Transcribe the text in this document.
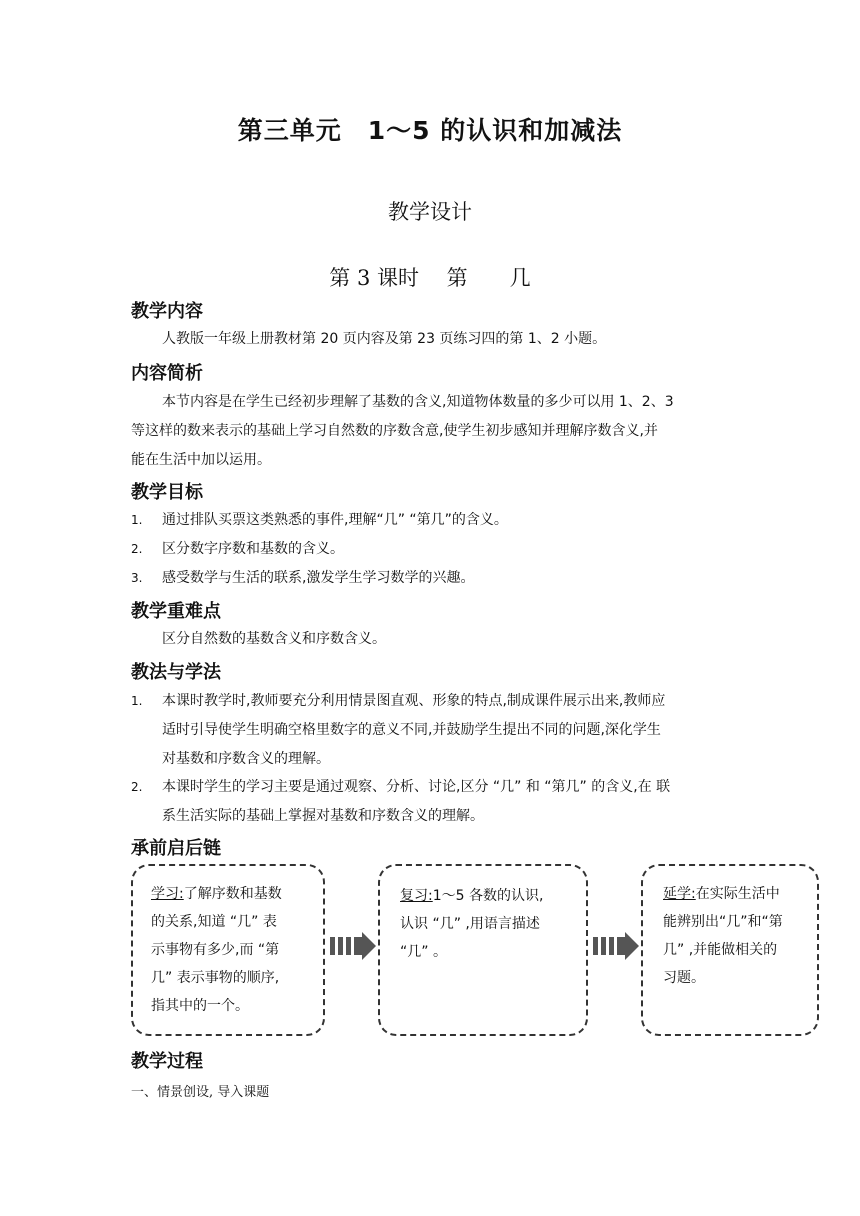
第三单元　1～5 的认识和加减法
教学设计
第 3 课时　 第　　几
教学内容
人教版一年级上册教材第 20 页内容及第 23 页练习四的第 1、2 小题。
内容简析
本节内容是在学生已经初步理解了基数的含义,知道物体数量的多少可以用 1、2、3
等这样的数来表示的基础上学习自然数的序数含意,使学生初步感知并理解序数含义,并
能在生活中加以运用。
教学目标
1.	通过排队买票这类熟悉的事件,理解“几” “第几”的含义。
2.	区分数字序数和基数的含义。
3.	感受数学与生活的联系,激发学生学习数学的兴趣。
教学重难点
区分自然数的基数含义和序数含义。
教法与学法
1.	本课时教学时,教师要充分利用情景图直观、形象的特点,制成课件展示出来,教师应
适时引导使学生明确空格里数字的意义不同,并鼓励学生提出不同的问题,深化学生
对基数和序数含义的理解。
2.	本课时学生的学习主要是通过观察、分析、讨论,区分 “几” 和 “第几” 的含义,在 联
系生活实际的基础上掌握对基数和序数含义的理解。
承前启后链
学习:了解序数和基数
的关系,知道 “几” 表
示事物有多少,而 “第
几” 表示事物的顺序,
指其中的一个。
复习:1～5 各数的认识,
认识 “几” ,用语言描述
“几” 。
延学:在实际生活中
能辨别出“几”和“第
几” ,并能做相关的
习题。
教学过程
一、情景创设, 导入课题
